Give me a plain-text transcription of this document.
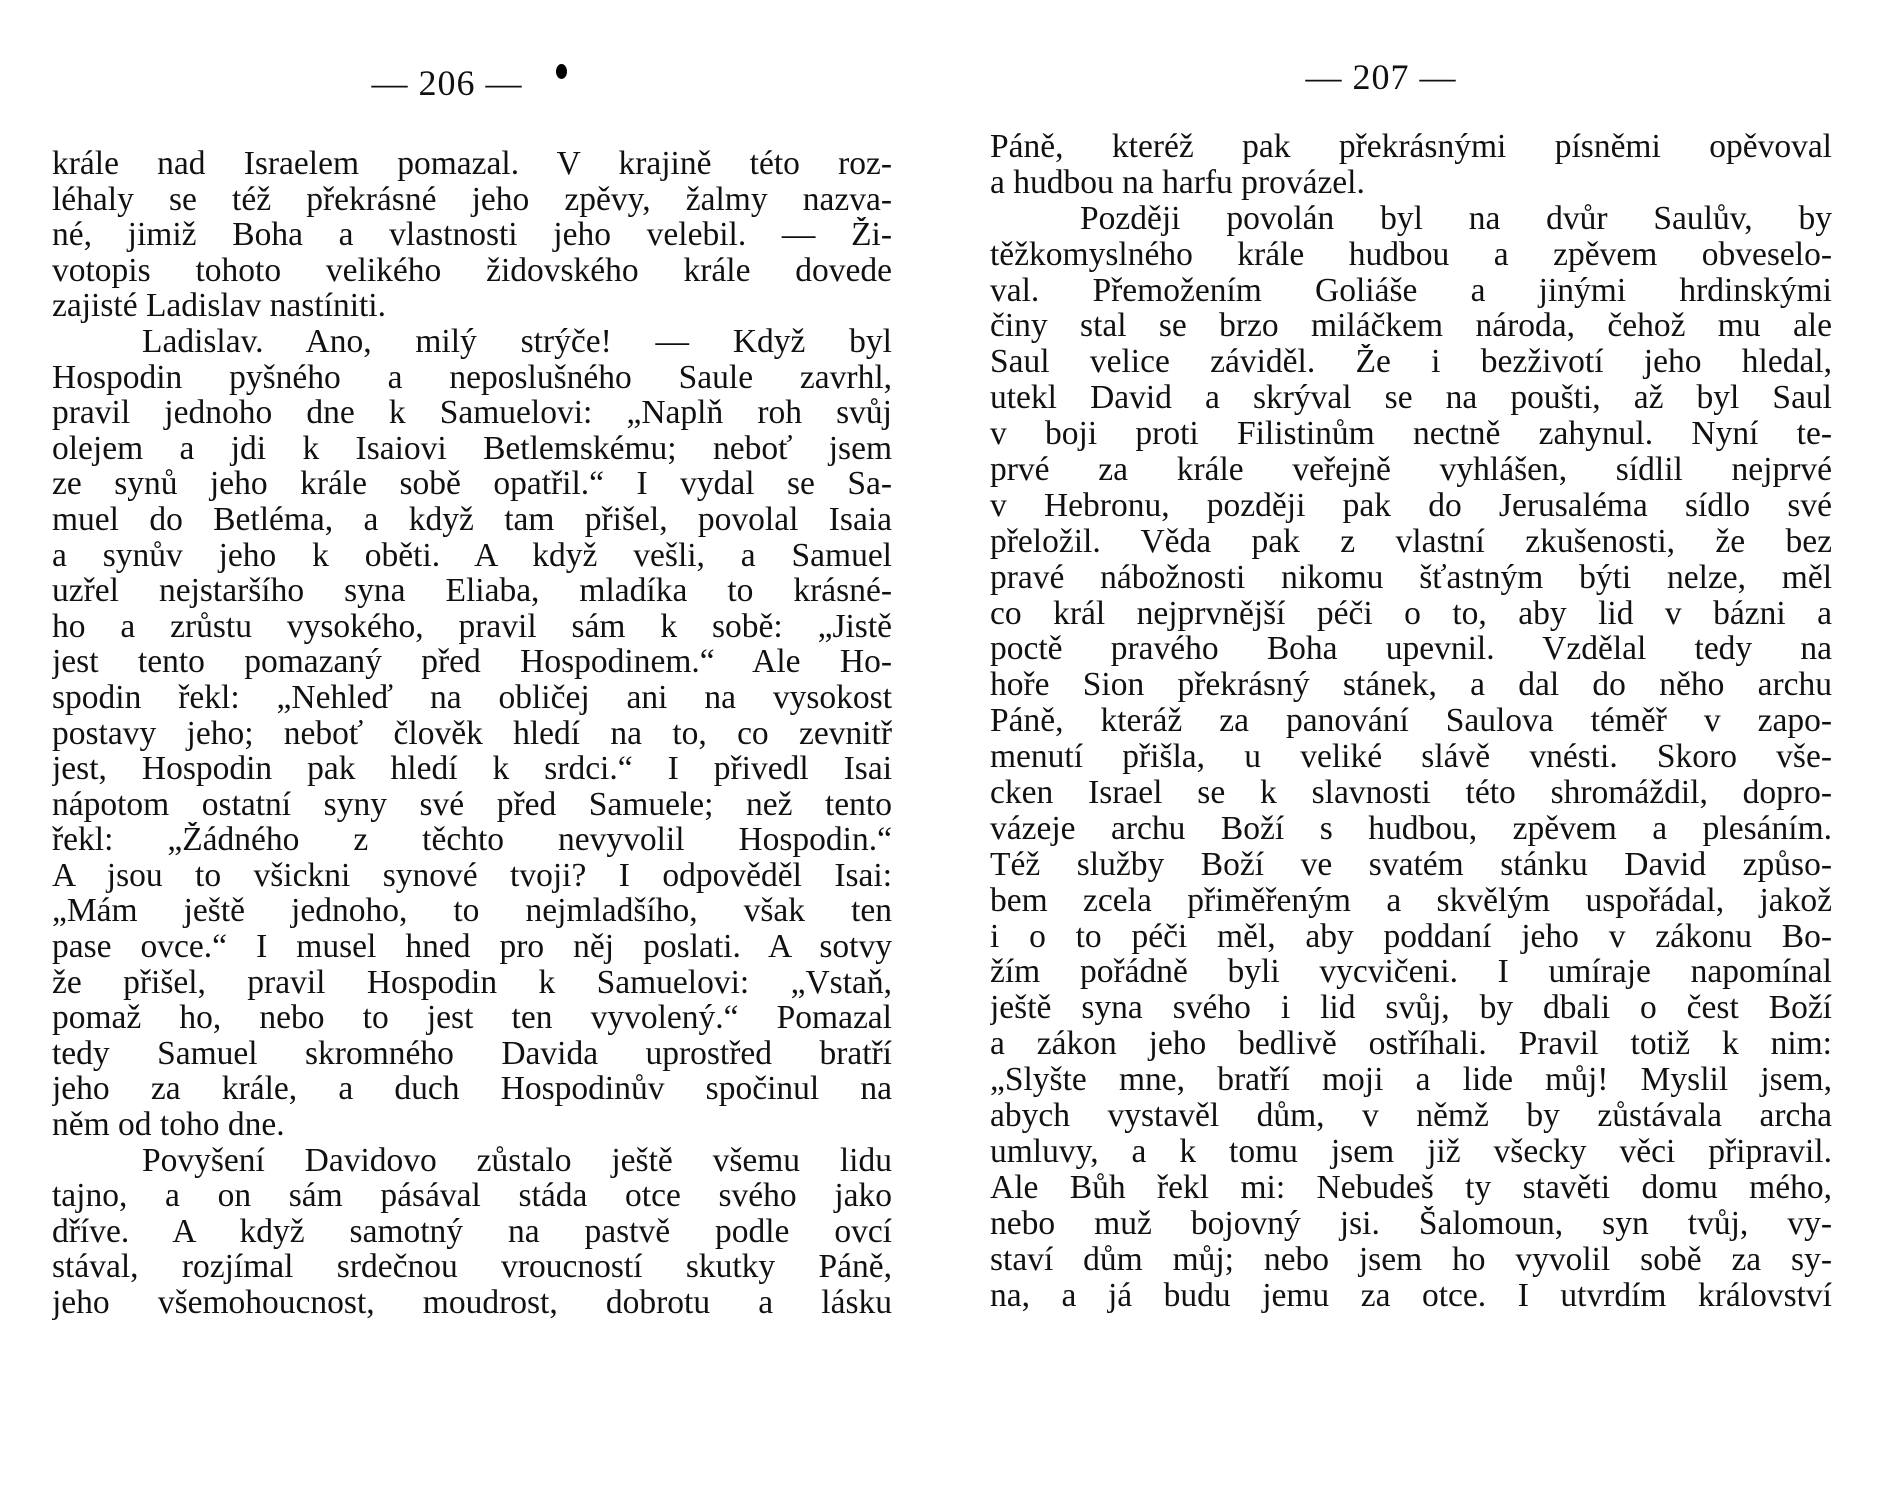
— 206 —
krále nad Israelem pomazal. V krajině této roz-
léhaly se též překrásné jeho zpěvy, žalmy nazva-
né, jimiž Boha a vlastnosti jeho velebil. — Ži-
votopis tohoto velikého židovského krále dovede
zajisté Ladislav nastíniti.
Ladislav. Ano, milý strýče! — Když byl
Hospodin pyšného a neposlušného Saule zavrhl,
pravil jednoho dne k Samuelovi: „Naplň roh svůj
olejem a jdi k Isaiovi Betlemskému; neboť jsem
ze synů jeho krále sobě opatřil.“ I vydal se Sa-
muel do Betléma, a když tam přišel, povolal Isaia
a synův jeho k oběti. A když vešli, a Samuel
uzřel nejstaršího syna Eliaba, mladíka to krásné-
ho a zrůstu vysokého, pravil sám k sobě: „Jistě
jest tento pomazaný před Hospodinem.“ Ale Ho-
spodin řekl: „Nehleď na obličej ani na vysokost
postavy jeho; neboť člověk hledí na to, co zevnitř
jest, Hospodin pak hledí k srdci.“ I přivedl Isai
nápotom ostatní syny své před Samuele; než tento
řekl: „Žádného z těchto nevyvolil Hospodin.“
A jsou to všickni synové tvoji? I odpověděl Isai:
„Mám ještě jednoho, to nejmladšího, však ten
pase ovce.“ I musel hned pro něj poslati. A sotvy
že přišel, pravil Hospodin k Samuelovi: „Vstaň,
pomaž ho, nebo to jest ten vyvolený.“ Pomazal
tedy Samuel skromného Davida uprostřed bratří
jeho za krále, a duch Hospodinův spočinul na
něm od toho dne.
Povyšení Davidovo zůstalo ještě všemu lidu
tajno, a on sám pásával stáda otce svého jako
dříve. A když samotný na pastvě podle ovcí
stával, rozjímal srdečnou vroucností skutky Páně,
jeho všemohoucnost, moudrost, dobrotu a lásku
— 207 —
Páně, kteréž pak překrásnými písněmi opěvoval
a hudbou na harfu provázel.
Později povolán byl na dvůr Saulův, by
těžkomyslného krále hudbou a zpěvem obveselo-
val. Přemožením Goliáše a jinými hrdinskými
činy stal se brzo miláčkem národa, čehož mu ale
Saul velice záviděl. Že i bezživotí jeho hledal,
utekl David a skrýval se na poušti, až byl Saul
v boji proti Filistinům nectně zahynul. Nyní te-
prvé za krále veřejně vyhlášen, sídlil nejprvé
v Hebronu, později pak do Jerusaléma sídlo své
přeložil. Věda pak z vlastní zkušenosti, že bez
pravé nábožnosti nikomu šťastným býti nelze, měl
co král nejprvnější péči o to, aby lid v bázni a
poctě pravého Boha upevnil. Vzdělal tedy na
hoře Sion překrásný stánek, a dal do něho archu
Páně, kteráž za panování Saulova téměř v zapo-
menutí přišla, u veliké slávě vnésti. Skoro vše-
cken Israel se k slavnosti této shromáždil, dopro-
vázeje archu Boží s hudbou, zpěvem a plesáním.
Též služby Boží ve svatém stánku David způso-
bem zcela přiměřeným a skvělým uspořádal, jakož
i o to péči měl, aby poddaní jeho v zákonu Bo-
žím pořádně byli vycvičeni. I umíraje napomínal
ještě syna svého i lid svůj, by dbali o čest Boží
a zákon jeho bedlivě ostříhali. Pravil totiž k nim:
„Slyšte mne, bratří moji a lide můj! Myslil jsem,
abych vystavěl dům, v němž by zůstávala archa
umluvy, a k tomu jsem již všecky věci připravil.
Ale Bůh řekl mi: Nebudeš ty stavěti domu mého,
nebo muž bojovný jsi. Šalomoun, syn tvůj, vy-
staví dům můj; nebo jsem ho vyvolil sobě za sy-
na, a já budu jemu za otce. I utvrdím království
